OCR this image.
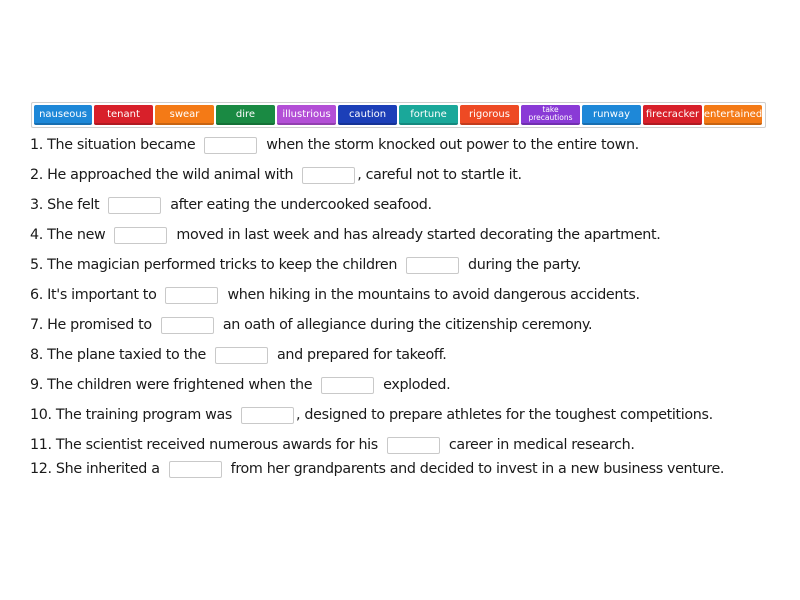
nauseous	tenant	swear	dire	illustrious	caution	fortune	rigorous	take precautions	runway	firecracker entertained
1. The situation became	when the storm knocked out power to the entire town.
2. He approached the wild animal with	, careful not to startle it.
3. She felt	after eating the undercooked seafood.
4. The new	moved in last week and has already started decorating the apartment.
5. The magician performed tricks to keep the children	during the party.
6. It's important to	when hiking in the mountains to avoid dangerous accidents.
7. He promised to	an oath of allegiance during the citizenship ceremony.
8. The plane taxied to the	and prepared for takeoff.
9. The children were frightened when the	exploded.
10. The training program was	, designed to prepare athletes for the toughest competitions.
11. The scientist received numerous awards for his	career in medical research.
12. She inherited a	from her grandparents and decided to invest in a new business venture.
